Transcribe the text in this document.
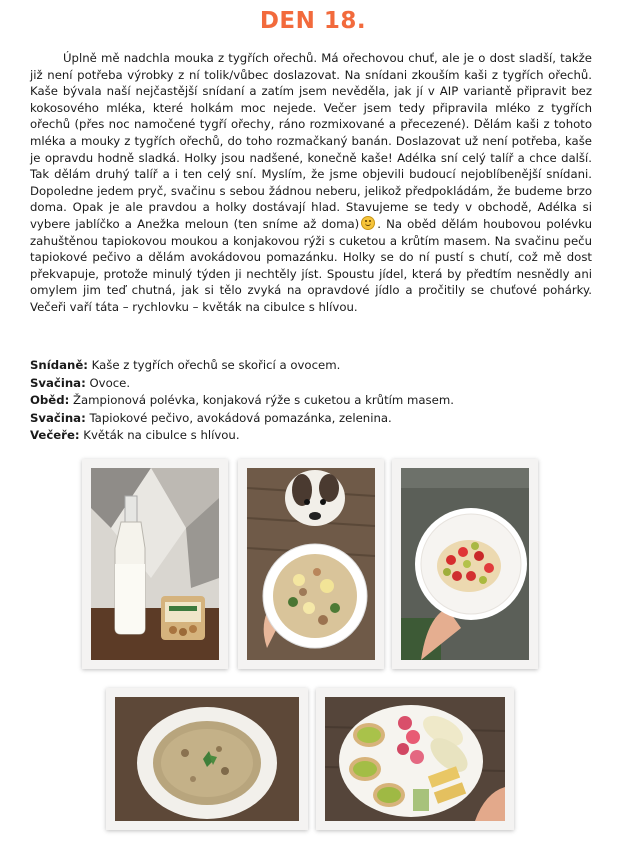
DEN 18.
Úplně mě nadchla mouka z tygřích ořechů. Má ořechovou chuť, ale je o dost sladší, takže již není potřeba výrobky z ní tolik/vůbec doslazovat. Na snídani zkouším kaši z tygřích ořechů. Kaše bývala naší nejčastější snídaní a zatím jsem nevěděla, jak jí v AIP variantě připravit bez kokosového mléka, které holkám moc nejede. Večer jsem tedy připravila mléko z tygřích ořechů (přes noc namočené tygří ořechy, ráno rozmixované a přecezené). Dělám kaši z tohoto mléka a mouky z tygřích ořechů, do toho rozmačkaný banán. Doslazovat už není potřeba, kaše je opravdu hodně sladká. Holky jsou nadšené, konečně kaše! Adélka sní celý talíř a chce další. Tak dělám druhý talíř a i ten celý sní. Myslím, že jsme objevili budoucí nejoblíbenější snídani. Dopoledne jedem pryč, svačinu s sebou žádnou neberu, jelikož předpokládám, že budeme brzo doma. Opak je ale pravdou a holky dostávají hlad. Stavujeme se tedy v obchodě, Adélka si vybere jablíčko a Anežka meloun (ten sníme až doma) . Na oběd dělám houbovou polévku zahuštěnou tapiokovou moukou a konjakovou rýži s cuketou a krůtím masem. Na svačinu peču tapiokové pečivo a dělám avokádovou pomazánku. Holky se do ní pustí s chutí, což mě dost překvapuje, protože minulý týden ji nechtěly jíst. Spoustu jídel, která by předtím nesnědly ani omylem jim teď chutná, jak si tělo zvyká na opravdové jídlo a pročitily se chuťové pohárky. Večeři vaří táta – rychlovku – květák na cibulce s hlívou.
Snídaně: Kaše z tygřích ořechů se skořicí a ovocem.
Svačina: Ovoce.
Oběd: Žampionová polévka, konjaková rýže s cuketou a krůtím masem.
Svačina: Tapiokové pečivo, avokádová pomazánka, zelenina.
Večeře: Květák na cibulce s hlívou.
